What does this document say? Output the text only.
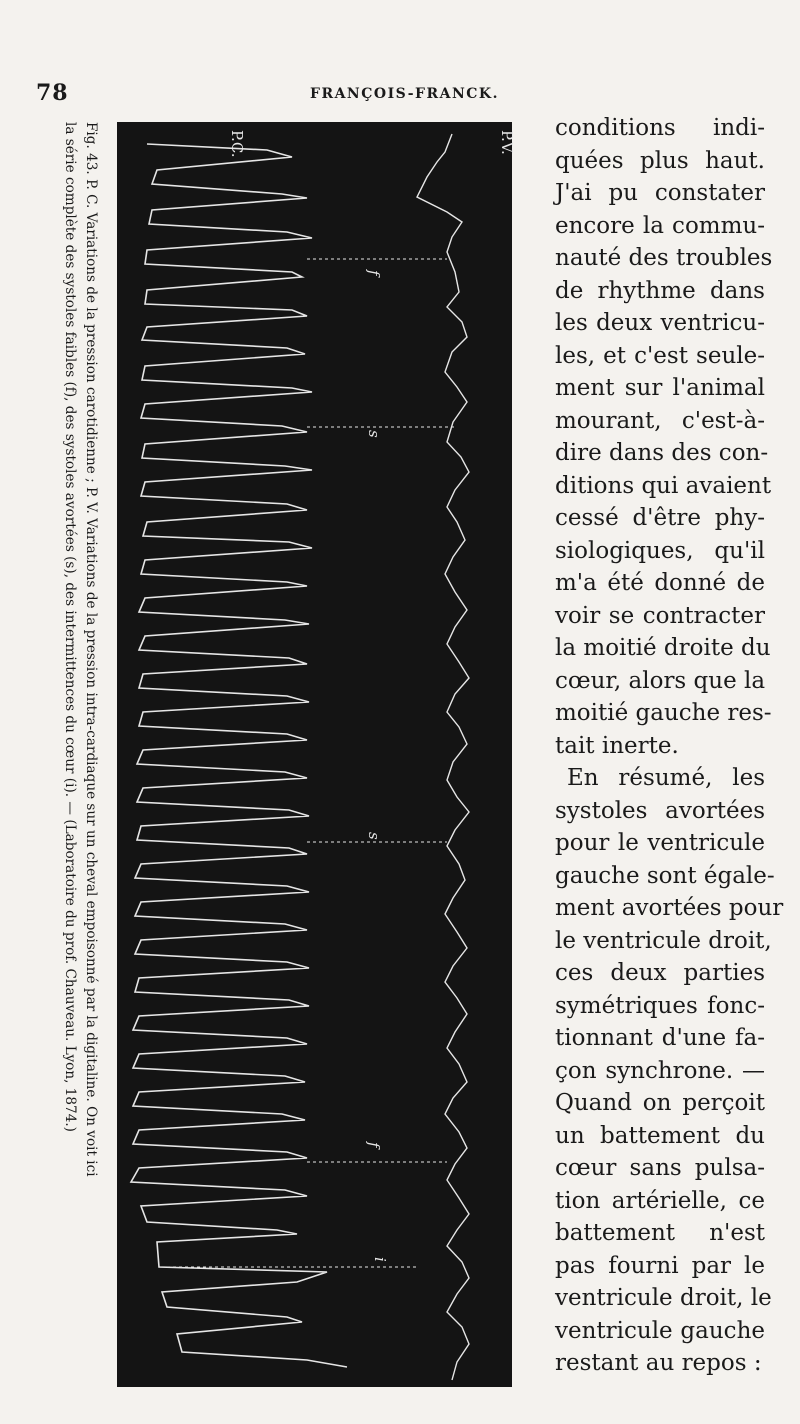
78	FRANÇOIS-FRANCK.
Fig. 43. P. C. Variations de la pression carotidienne ; P. V. Variations de la pression intra-cardiaque sur un cheval empoisonné par la digitaline. On voit ici
la série complète des systoles faibles (f), des systoles avortées (s), des intermittences du cœur (i). — (Laboratoire du prof. Chauveau. Lyon, 1874.)	P.V.
P.C.
f
s
s
f
i
conditions indi-
quées plus haut.
J'ai pu constater
encore la commu-
nauté des troubles
de rhythme dans
les deux ventricu-
les, et c'est seule-
ment sur l'animal
mourant, c'est-à-
dire dans des con-
ditions qui avaient
cessé d'être phy-
siologiques, qu'il
m'a été donné de
voir se contracter
la moitié droite du
cœur, alors que la
moitié gauche res-
tait inerte.
En résumé, les
systoles avortées
pour le ventricule
gauche sont égale-
ment avortées pour
le ventricule droit,
ces deux parties
symétriques fonc-
tionnant d'une fa-
çon synchrone. —
Quand on perçoit
un battement du
cœur sans pulsa-
tion artérielle, ce
battement n'est
pas fourni par le
ventricule droit, le
ventricule gauche
restant au repos :
